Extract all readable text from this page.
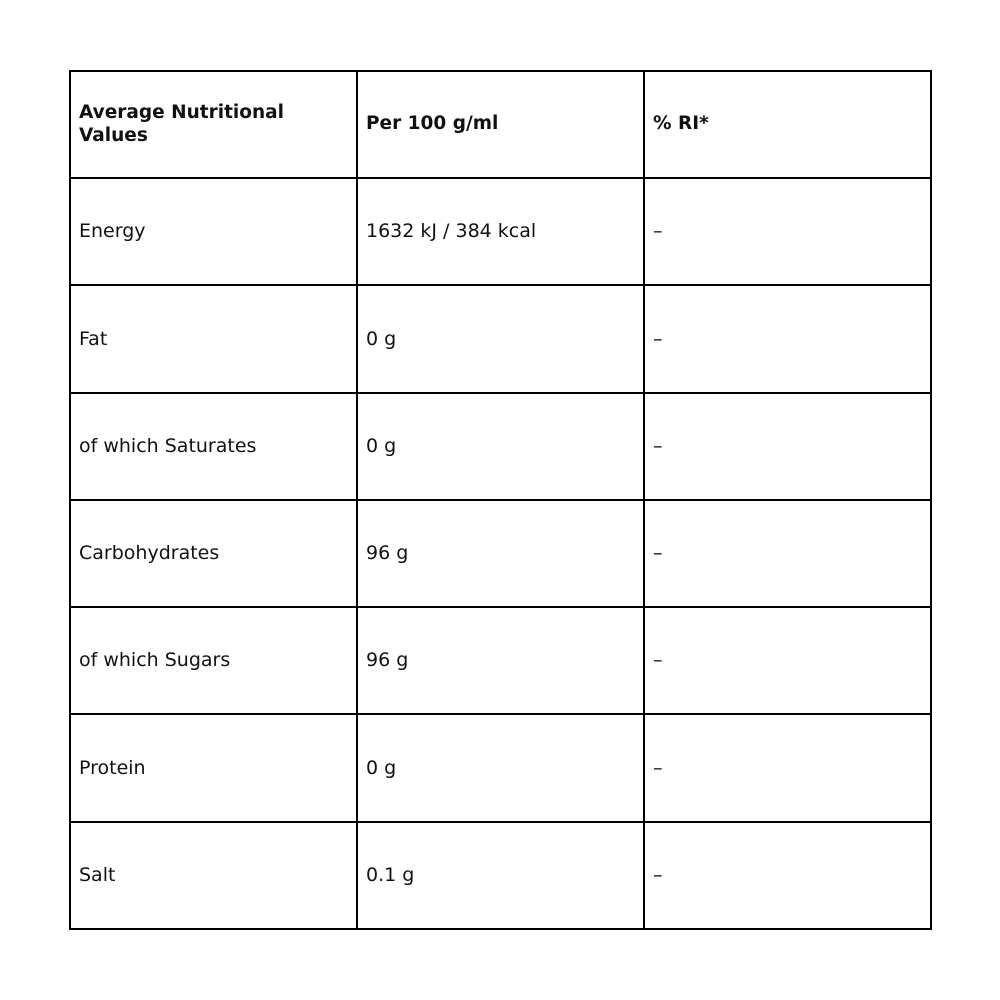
Average Nutritional Values	Per 100 g/ml	% RI*
Energy	1632 kJ / 384 kcal	–
Fat	0 g	–
of which Saturates	0 g	–
Carbohydrates	96 g	–
of which Sugars	96 g	–
Protein	0 g	–
Salt	0.1 g	–
